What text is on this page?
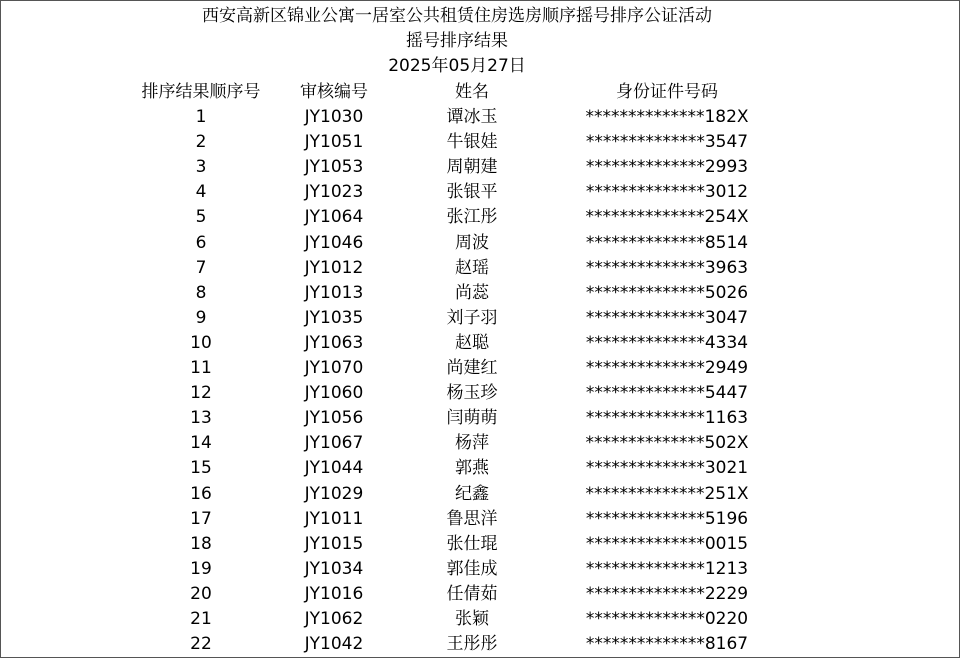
西安高新区锦业公寓一居室公共租赁住房选房顺序摇号排序公证活动
摇号排序结果
2025年05月27日
排序结果顺序号	审核编号	姓名	身份证件号码
1	JY1030	谭冰玉	**************182X
2	JY1051	牛银娃	**************3547
3	JY1053	周朝建	**************2993
4	JY1023	张银平	**************3012
5	JY1064	张江彤	**************254X
6	JY1046	周波	**************8514
7	JY1012	赵瑶	**************3963
8	JY1013	尚蕊	**************5026
9	JY1035	刘子羽	**************3047
10	JY1063	赵聪	**************4334
11	JY1070	尚建红	**************2949
12	JY1060	杨玉珍	**************5447
13	JY1056	闫萌萌	**************1163
14	JY1067	杨萍	**************502X
15	JY1044	郭燕	**************3021
16	JY1029	纪鑫	**************251X
17	JY1011	鲁思洋	**************5196
18	JY1015	张仕琨	**************0015
19	JY1034	郭佳成	**************1213
20	JY1016	任倩茹	**************2229
21	JY1062	张颖	**************0220
22	JY1042	王彤彤	**************8167
